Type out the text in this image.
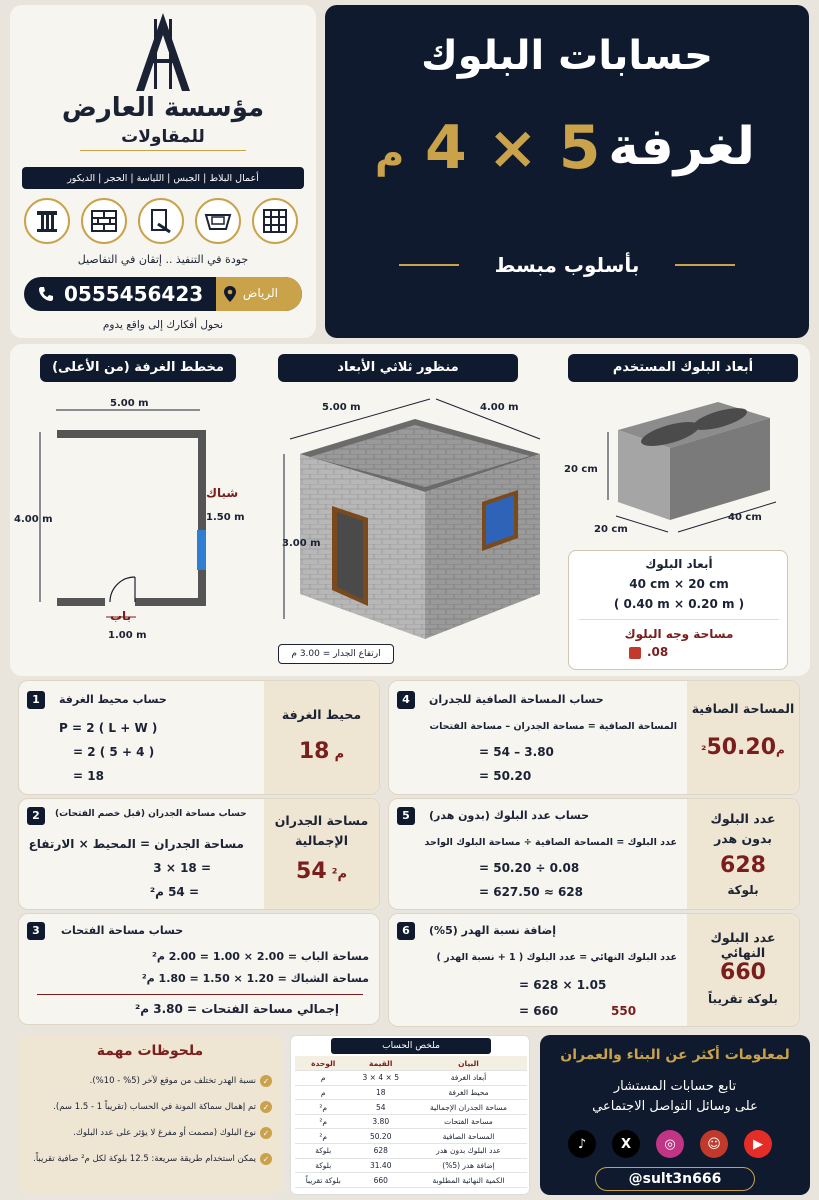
مؤسسة العارض
للمقاولات
أعمال البلاط
|
الجبس
|
اللياسة
|
الحجر
|
الديكور
جودة في التنفيذ .. إتقان في التفاصيل
الرياض
0555456423
نحول أفكارك إلى واقع يدوم
حسابات البلوك
لغرفة
4 × 5
م
بأسلوب مبسط
مخطط الغرفة (من الأعلى)
5.00 m
4.00 m
شباك
1.50 m
باب
1.00 m
منظور ثلاثي الأبعاد
5.00 m	4.00 m
3.00 m
ارتفاع الجدار = 3.00 م
أبعاد البلوك المستخدم
20 cm
20 cm
40 cm
أبعاد البلوك
40 cm × 20 cm
( 0.40 m × 0.20 m )
مساحة وجه البلوك
.08
محيط الغرفة
18 م
1	حساب محيط الغرفة
P = 2 ( L + W )
= 2 ( 5 + 4 )
= 18
مساحة الجدران الإجمالية
54 م²
2	حساب مساحة الجدران (قبل خصم الفتحات)
مساحة الجدران = المحيط × الارتفاع
= 18 × 3
= 54 م²
3	حساب مساحة الفتحات
مساحة الباب = 2.00 × 1.00 = 2.00 م²
مساحة الشباك = 1.20 × 1.50 = 1.80 م²
إجمالي مساحة الفتحات = 3.80 م²
المساحة الصافية
م²50.20
4	حساب المساحة الصافية للجدران
المساحة الصافية = مساحة الجدران – مساحة الفتحات
= 54 – 3.80
= 50.20
عدد البلوك بدون هدر
628
بلوكة
5	حساب عدد البلوك (بدون هدر)
عدد البلوك = المساحة الصافية ÷ مساحة البلوك الواحد
= 50.20 ÷ 0.08
= 627.50 ≈ 628
عدد البلوك النهائي
660
بلوكة تقريباً
6	إضافة نسبة الهدر (5%)
عدد البلوك النهائي = عدد البلوك ( 1 + نسبة الهدر )
= 628 × 1.05
= 660	550
ملحوظات مهمة
✓
نسبة الهدر تختلف من موقع لآخر (5% - 10%).
✓
تم إهمال سماكة المونة في الحساب (تقريباً 1 - 1.5 سم).
✓
نوع البلوك (مصمت أو مفرغ لا يؤثر على عدد البلوك.
✓
يمكن استخدام طريقة سريعة: 12.5 بلوكة لكل م² صافية تقريباً.
ملخص الحساب
البيان	القيمة	الوحدة
أبعاد الغرفة	5 × 4 × 3	م
محيط الغرفة	18	م
مساحة الجدران الإجمالية	54	م²
مساحة الفتحات	3.80	م²
المساحة الصافية	50.20	م²
عدد البلوك بدون هدر	628	بلوكة
إضافة هدر (5%)	31.40	بلوكة
الكمية النهائية المطلوبة	660	بلوكة تقريباً
لمعلومات أكثر عن البناء والعمران
تابع حسابات المستشار
على وسائل التواصل الاجتماعي
♪	X	◎	☺	▶
@sult3n666
